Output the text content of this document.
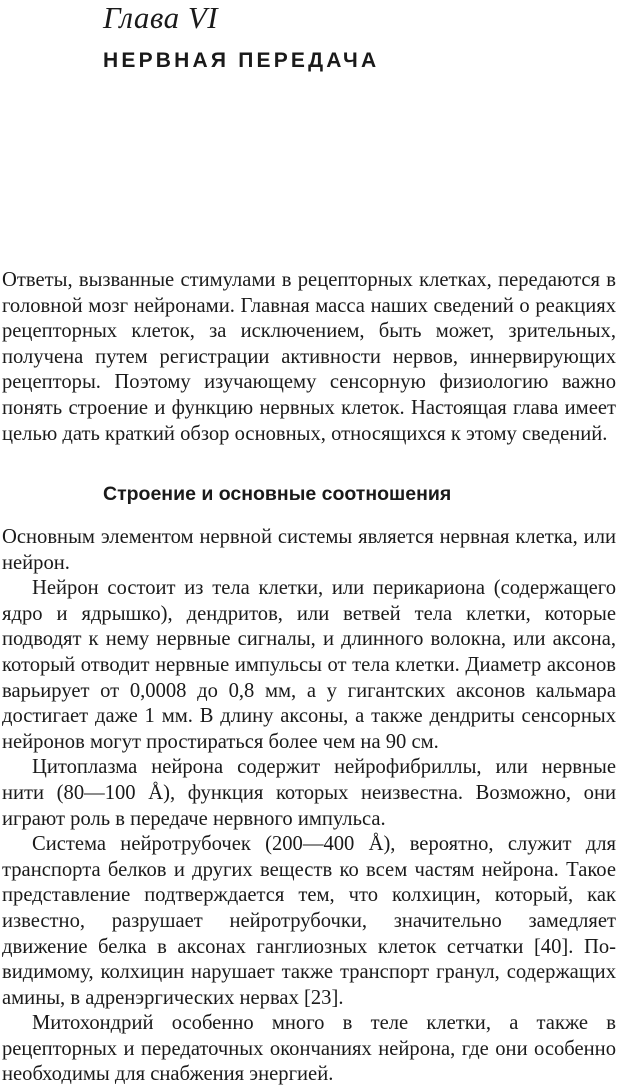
Глава VI
НЕРВНАЯ ПЕРЕДАЧА

Ответы, вызванные стимулами в рецепторных клетках, передаются в головной мозг нейронами. Главная масса наших сведений о реакциях рецепторных клеток, за исключением, быть может, зрительных, получена путем регистрации активности нервов, иннервирующих рецепторы. Поэтому изучающему сенсорную физиологию важно понять строение и функцию нервных клеток. Настоящая глава имеет целью дать краткий обзор основных, относящихся к этому сведений.

Строение и основные соотношения

Основным элементом нервной системы является нервная клетка, или нейрон.

Нейрон состоит из тела клетки, или перикариона (содержащего ядро и ядрышко), дендритов, или ветвей тела клетки, которые подводят к нему нервные сигналы, и длинного волокна, или аксона, который отводит нервные импульсы от тела клетки. Диаметр аксонов варьирует от 0,0008 до 0,8 мм, а у гигантских аксонов кальмара достигает даже 1 мм. В длину аксоны, а также дендриты сенсорных нейронов могут простираться более чем на 90 см.

Цитоплазма нейрона содержит нейрофибриллы, или нервные нити (80—100 Å), функция которых неизвестна. Возможно, они играют роль в передаче нервного импульса.

Система нейротрубочек (200—400 Å), вероятно, служит для транспорта белков и других веществ ко всем частям нейрона. Такое представление подтверждается тем, что колхицин, который, как известно, разрушает нейротрубочки, значительно замедляет движение белка в аксонах ганглиозных клеток сетчатки [40]. По-видимому, колхицин нарушает также транспорт гранул, содержащих амины, в адренэргических нервах [23].

Митохондрий особенно много в теле клетки, а также в рецепторных и передаточных окончаниях нейрона, где они особенно необходимы для снабжения энергией.
